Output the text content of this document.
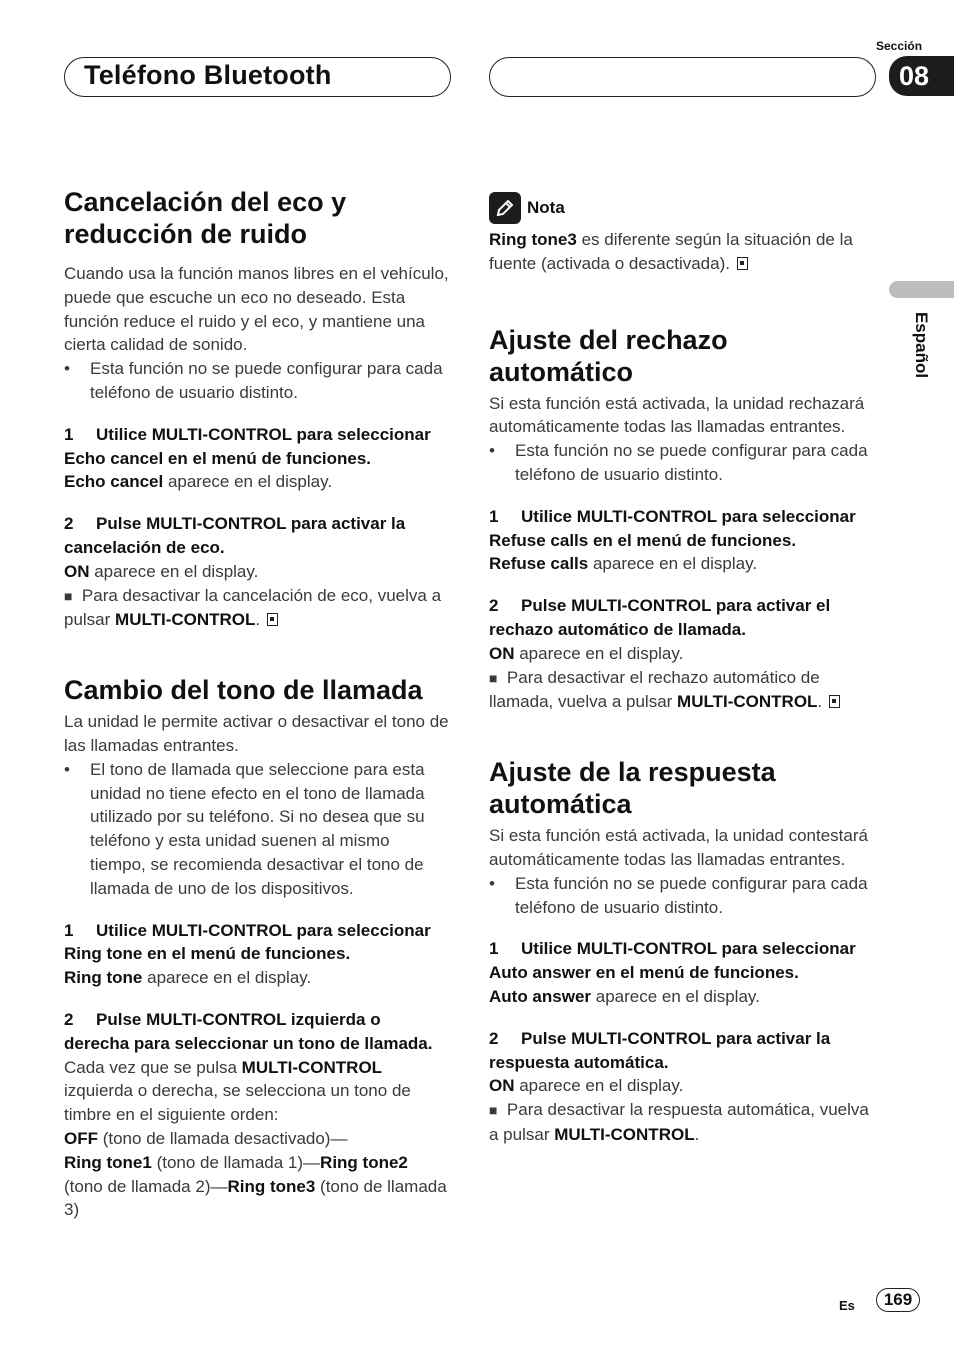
Teléfono Bluetooth
Sección
08
Español
Cancelación del eco y reducción de ruido

Cuando usa la función manos libres en el vehículo, puede que escuche un eco no deseado. Esta función reduce el ruido y el eco, y mantiene una cierta calidad de sonido.

•	Esta función no se puede configurar para cada teléfono de usuario distinto.

1 Utilice MULTI-CONTROL para seleccionar Echo cancel en el menú de funciones.

Echo cancel aparece en el display.

2 Pulse MULTI-CONTROL para activar la cancelación de eco.

ON aparece en el display.

■ Para desactivar la cancelación de eco, vuelva a pulsar MULTI-CONTROL.

Cambio del tono de llamada

La unidad le permite activar o desactivar el tono de las llamadas entrantes.

•	El tono de llamada que seleccione para esta unidad no tiene efecto en el tono de llamada utilizado por su teléfono. Si no desea que su teléfono y esta unidad suenen al mismo tiempo, se recomienda desactivar el tono de llamada de uno de los dispositivos.

1 Utilice MULTI-CONTROL para seleccionar Ring tone en el menú de funciones.

Ring tone aparece en el display.

2 Pulse MULTI-CONTROL izquierda o derecha para seleccionar un tono de llamada.

Cada vez que se pulsa MULTI-CONTROL izquierda o derecha, se selecciona un tono de timbre en el siguiente orden:

OFF (tono de llamada desactivado)—
Ring tone1 (tono de llamada 1)—Ring tone2 (tono de llamada 2)—Ring tone3 (tono de llamada 3)

Nota

Ring tone3 es diferente según la situación de la fuente (activada o desactivada).

Ajuste del rechazo automático

Si esta función está activada, la unidad rechazará automáticamente todas las llamadas entrantes.

•	Esta función no se puede configurar para cada teléfono de usuario distinto.

1 Utilice MULTI-CONTROL para seleccionar Refuse calls en el menú de funciones.

Refuse calls aparece en el display.

2 Pulse MULTI-CONTROL para activar el rechazo automático de llamada.

ON aparece en el display.

■ Para desactivar el rechazo automático de llamada, vuelva a pulsar MULTI-CONTROL.

Ajuste de la respuesta automática

Si esta función está activada, la unidad contestará automáticamente todas las llamadas entrantes.

•	Esta función no se puede configurar para cada teléfono de usuario distinto.

1 Utilice MULTI-CONTROL para seleccionar Auto answer en el menú de funciones.

Auto answer aparece en el display.

2 Pulse MULTI-CONTROL para activar la respuesta automática.

ON aparece en el display.

■ Para desactivar la respuesta automática, vuelva a pulsar MULTI-CONTROL.

Es	169
